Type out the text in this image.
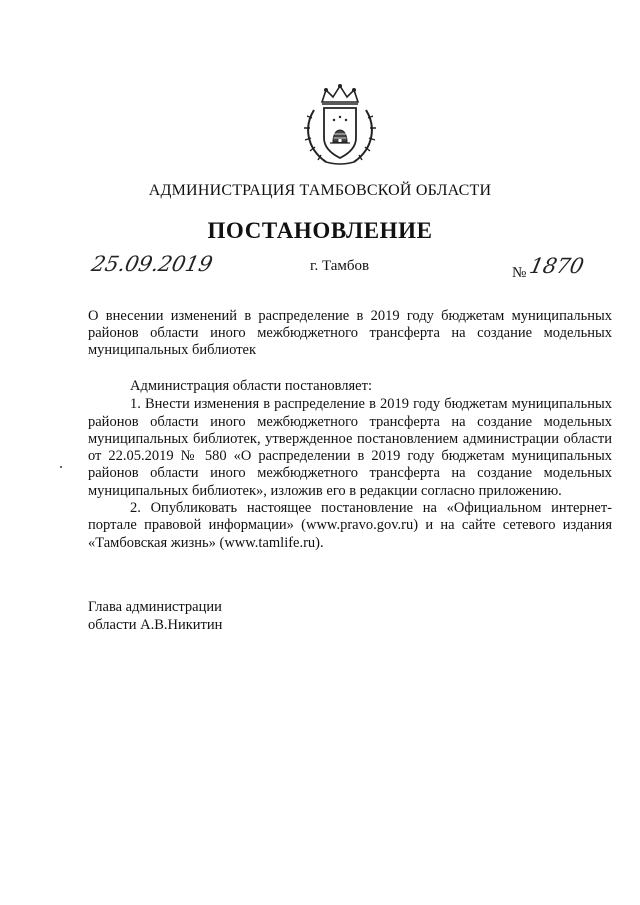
АДМИНИСТРАЦИЯ ТАМБОВСКОЙ ОБЛАСТИ
ПОСТАНОВЛЕНИЕ
25.09.2019	г. Тамбов	№1870
О внесении изменений в распределение в 2019 году бюджетам муниципальных районов области иного межбюджетного трансферта на создание модельных муниципальных библиотек

Администрация области постановляет:

1. Внести изменения в распределение в 2019 году бюджетам муниципальных районов области иного межбюджетного трансферта на создание модельных муниципальных библиотек, утвержденное постановлением администрации области от 22.05.2019 № 580 «О распределении в 2019 году бюджетам муниципальных районов области иного межбюджетного трансферта на создание модельных муниципальных библиотек», изложив его в редакции согласно приложению.

2. Опубликовать настоящее постановление на «Официальном интернет-портале правовой информации» (www.pravo.gov.ru) и на сайте сетевого издания «Тамбовская жизнь» (www.tamlife.ru).

Глава администрации
области А.В.Никитин
